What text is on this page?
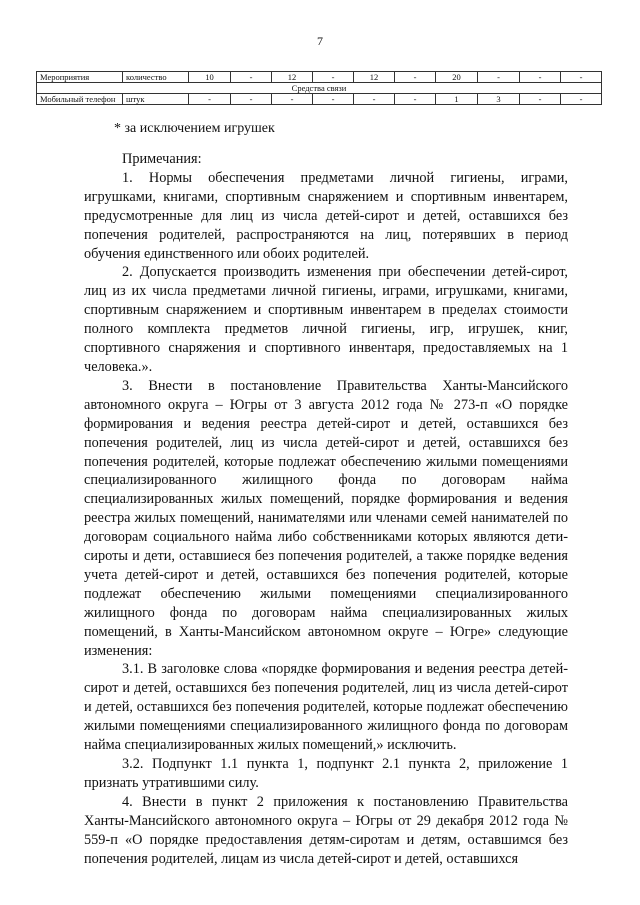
7
Мероприятия	количество	10	-	12	-	12	-	20	-	-	-
Средства связи											
Мобильный телефон	штук	-	-	-	-	-	-	1	3	-	-
* за исключением игрушек

Примечания:

1. Нормы обеспечения предметами личной гигиены, играми, игрушками, книгами, спортивным снаряжением и спортивным инвентарем, предусмотренные для лиц из числа детей-сирот и детей, оставшихся без попечения родителей, распространяются на лиц, потерявших в период обучения единственного или обоих родителей.

2. Допускается производить изменения при обеспечении детей-сирот, лиц из их числа предметами личной гигиены, играми, игрушками, книгами, спортивным снаряжением и спортивным инвентарем в пределах стоимости полного комплекта предметов личной гигиены, игр, игрушек, книг, спортивного снаряжения и спортивного инвентаря, предоставляемых на 1 человека.».

3. Внести в постановление Правительства Ханты-Мансийского автономного округа – Югры от 3 августа 2012 года № 273-п «О порядке формирования и ведения реестра детей-сирот и детей, оставшихся без попечения родителей, лиц из числа детей-сирот и детей, оставшихся без попечения родителей, которые подлежат обеспечению жилыми помещениями специализированного жилищного фонда по договорам найма специализированных жилых помещений, порядке формирования и ведения реестра жилых помещений, нанимателями или членами семей нанимателей по договорам социального найма либо собственниками которых являются дети-сироты и дети, оставшиеся без попечения родителей, а также порядке ведения учета детей-сирот и детей, оставшихся без попечения родителей, которые подлежат обеспечению жилыми помещениями специализированного жилищного фонда по договорам найма специализированных жилых помещений, в Ханты-Мансийском автономном округе – Югре» следующие изменения:

3.1. В заголовке слова «порядке формирования и ведения реестра детей-сирот и детей, оставшихся без попечения родителей, лиц из числа детей-сирот и детей, оставшихся без попечения родителей, которые подлежат обеспечению жилыми помещениями специализированного жилищного фонда по договорам найма специализированных жилых помещений,» исключить.

3.2. Подпункт 1.1 пункта 1, подпункт 2.1 пункта 2, приложение 1 признать утратившими силу.

4. Внести в пункт 2 приложения к постановлению Правительства Ханты-Мансийского автономного округа – Югры от 29 декабря 2012 года № 559-п «О порядке предоставления детям-сиротам и детям, оставшимся без попечения родителей, лицам из числа детей-сирот и детей, оставшихся
